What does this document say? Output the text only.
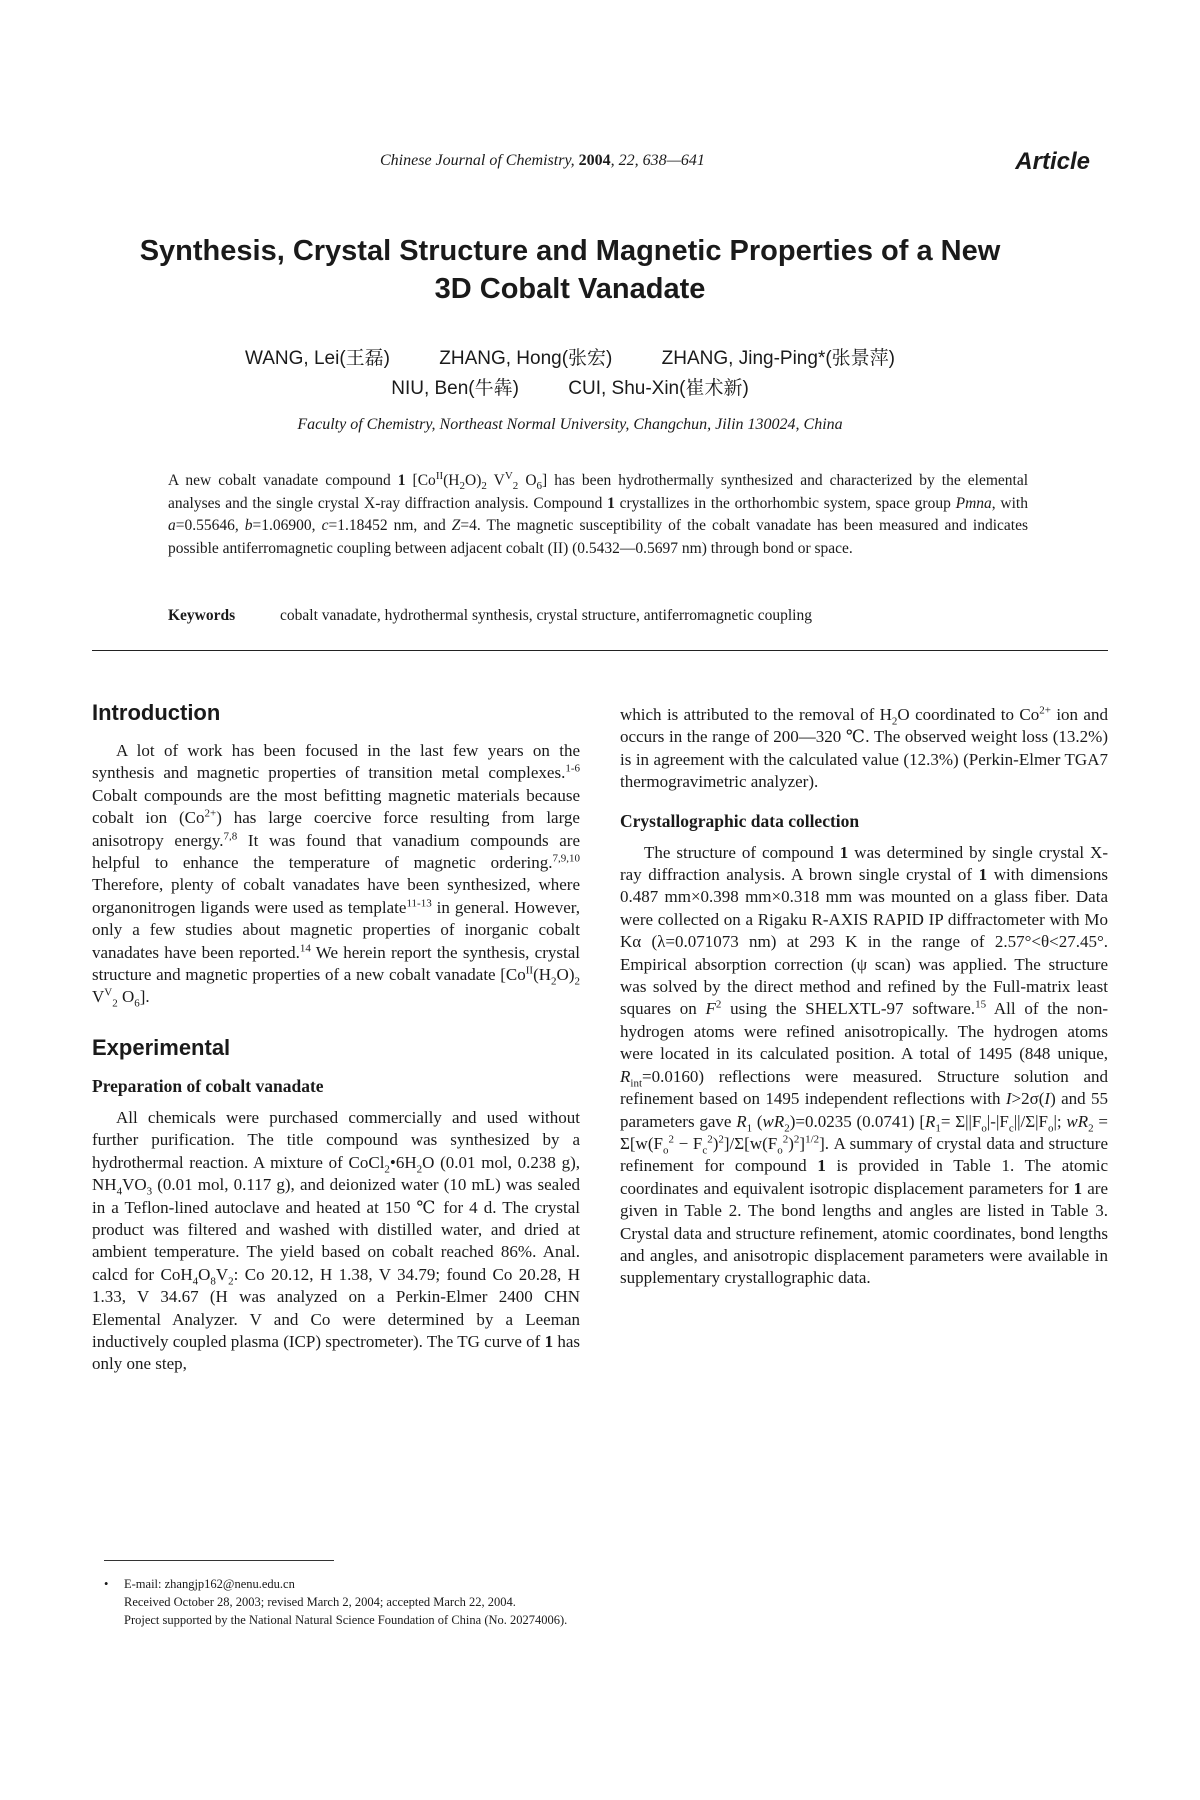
Chinese Journal of Chemistry, 2004, 22, 638—641	Article
Synthesis, Crystal Structure and Magnetic Properties of a New
3D Cobalt Vanadate
WANG, Lei(王磊)	ZHANG, Hong(张宏)	ZHANG, Jing-Ping*(张景萍)
NIU, Ben(牛犇)	CUI, Shu-Xin(崔术新)
Faculty of Chemistry, Northeast Normal University, Changchun, Jilin 130024, China
A new cobalt vanadate compound 1 [$Co^{II}(H_2O)_2$ $V^V_2$ $O_6$] has been hydrothermally synthesized and characterized by the elemental analyses and the single crystal X-ray diffraction analysis. Compound 1 crystallizes in the orthorhombic system, space group Pmna, with a=0.55646, b=1.06900, c=1.18452 nm, and Z=4. The magnetic susceptibility of the cobalt vanadate has been measured and indicates possible antiferromagnetic coupling between adjacent cobalt (II) (0.5432—0.5697 nm) through bond or space.
Keywords	cobalt vanadate, hydrothermal synthesis, crystal structure, antiferromagnetic coupling
Introduction

A lot of work has been focused in the last few years on the synthesis and magnetic properties of transition metal complexes.$^{1-6}$ Cobalt compounds are the most befitting magnetic materials because cobalt ion $(Co^{2+})$ has large coercive force resulting from large anisotropy energy.$^{7,8}$ It was found that vanadium compounds are helpful to enhance the temperature of magnetic ordering.$^{7,9,10}$ Therefore, plenty of cobalt vanadates have been synthesized, where organonitrogen ligands were used as template$^{11-13}$ in general. However, only a few studies about magnetic properties of inorganic cobalt vanadates have been reported.$^{14}$ We herein report the synthesis, crystal structure and magnetic properties of a new cobalt vanadate [$Co^{II}(H_2O)_2$ $V^V_2$ $O_6$].

Experimental
Preparation of cobalt vanadate

All chemicals were purchased commercially and used without further purification. The title compound was synthesized by a hydrothermal reaction. A mixture of $CoCl_2•6H_2O$ (0.01 mol, 0.238 g), $NH_4VO_3$ (0.01 mol, 0.117 g), and deionized water (10 mL) was sealed in a Teflon-lined autoclave and heated at 150 ℃ for 4 d. The crystal product was filtered and washed with distilled water, and dried at ambient temperature. The yield based on cobalt reached 86%. Anal. calcd for $CoH_4O_8V_2$: Co 20.12, H 1.38, V 34.79; found Co 20.28, H 1.33, V 34.67 (H was analyzed on a Perkin-Elmer 2400 CHN Elemental Analyzer. V and Co were determined by a Leeman inductively coupled plasma (ICP) spectrometer). The TG curve of 1 has only one step,

which is attributed to the removal of $H_2O$ coordinated to $Co^{2+}$ ion and occurs in the range of 200—320 ℃. The observed weight loss (13.2%) is in agreement with the calculated value (12.3%) (Perkin-Elmer TGA7 thermogravimetric analyzer).

Crystallographic data collection

The structure of compound 1 was determined by single crystal X-ray diffraction analysis. A brown single crystal of 1 with dimensions 0.487 mm×0.398 mm×0.318 mm was mounted on a glass fiber. Data were collected on a Rigaku R-AXIS RAPID IP diffractometer with Mo Kα (λ=0.071073 nm) at 293 K in the range of 2.57°<θ<27.45°. Empirical absorption correction (ψ scan) was applied. The structure was solved by the direct method and refined by the Full-matrix least squares on $F^2$ using the SHELXTL-97 software.$^{15}$ All of the non-hydrogen atoms were refined anisotropically. The hydrogen atoms were located in its calculated position. A total of 1495 (848 unique, $R_{int}=0.0160$) reflections were measured. Structure solution and refinement based on 1495 independent reflections with I>2σ(I) and 55 parameters gave $R_1$ $(wR_2)=0.0235$ (0.0741) [$R_1= \Sigma||F_o|-|F_c||/\Sigma|F_o|$; $wR_2 = \Sigma[w(F_o^2 - F_c^2)^2]/\Sigma[w(F_o^2)^2]^{1/2}$]. A summary of crystal data and structure refinement for compound 1 is provided in Table 1. The atomic coordinates and equivalent isotropic displacement parameters for 1 are given in Table 2. The bond lengths and angles are listed in Table 3. Crystal data and structure refinement, atomic coordinates, bond lengths and angles, and anisotropic displacement parameters were available in supplementary crystallographic data.

• E-mail: zhangjp162@nenu.edu.cn
Received October 28, 2003; revised March 2, 2004; accepted March 22, 2004.
Project supported by the National Natural Science Foundation of China (No. 20274006).
